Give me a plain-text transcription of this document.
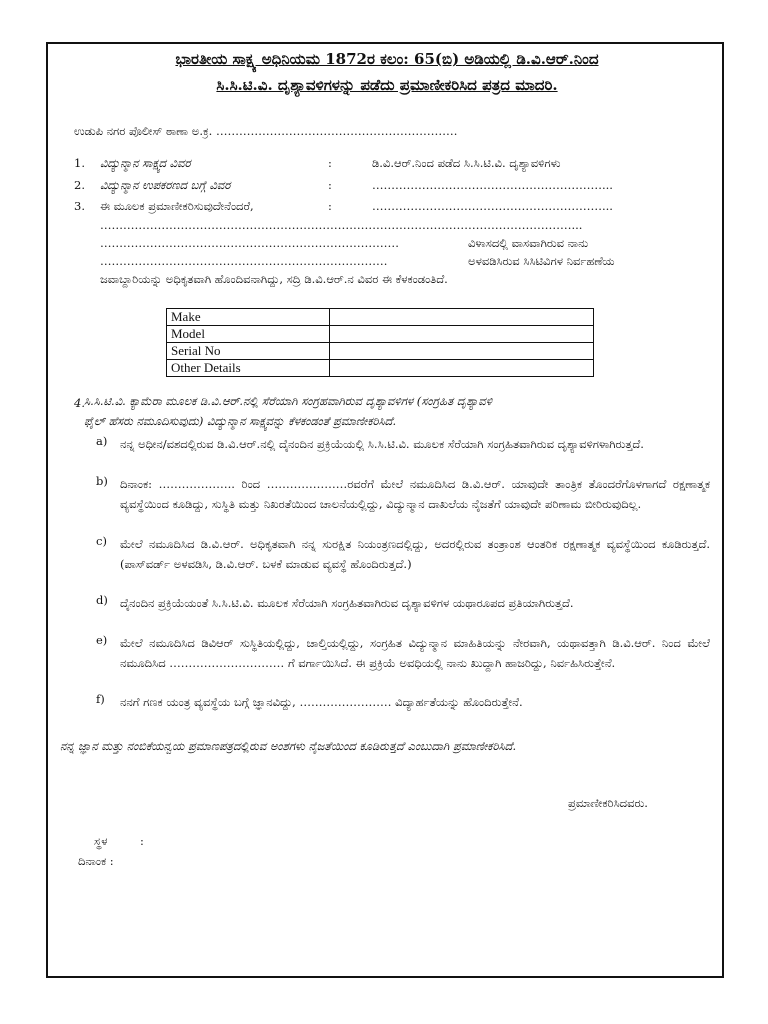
ಭಾರತೀಯ ಸಾಕ್ಷ್ಯ ಅಧಿನಿಯಮ 1872ರ ಕಲಂ: 65(ಬಿ) ಅಡಿಯಲ್ಲಿ ಡಿ.ವಿ.ಆರ್.ನಿಂದ
ಸಿ.ಸಿ.ಟಿ.ವಿ. ದೃಶ್ಯಾವಳಿಗಳನ್ನು ಪಡೆದು ಪ್ರಮಾಣೀಕರಿಸಿದ ಪತ್ರದ ಮಾದರಿ.
ಉಡುಪಿ ನಗರ ಪೊಲೀಸ್ ಠಾಣಾ ಅ.ಕ್ರ. ………………………………………………………
1. ವಿದ್ಯುನ್ಮಾನ ಸಾಕ್ಷ್ಯದ ವಿವರ	:	ಡಿ.ವಿ.ಆರ್.ನಿಂದ ಪಡೆದ ಸಿ.ಸಿ.ಟಿ.ವಿ. ದೃಶ್ಯಾವಳಿಗಳು
2. ವಿದ್ಯುನ್ಮಾನ ಉಪಕರಣದ ಬಗ್ಗೆ ವಿವರ	:	……………………………………………………...
3. ಈ ಮೂಲಕ ಪ್ರಮಾಣೀಕರಿಸುವುದೇನೆಂದರೆ,	:	……………………………………………………...
……………………………………………………………………………………………………………...
……………………………………………………………………	ವಿಳಾಸದಲ್ಲಿ ವಾಸವಾಗಿರುವ ನಾನು
…………………………………………………………………	ಅಳವಡಿಸಿರುವ ಸಿಸಿಟಿವಿಗಳ ನಿರ್ವಹಣೆಯ
ಜವಾಬ್ದಾರಿಯನ್ನು ಅಧಿಕೃತವಾಗಿ ಹೊಂದಿವನಾಗಿದ್ದು, ಸದ್ರಿ ಡಿ.ವಿ.ಆರ್.ನ ವಿವರ ಈ ಕೆಳಕಂಡಂತಿದೆ.
Make	
Model	
Serial No	
Other Details	
4. ಸಿ.ಸಿ.ಟಿ.ವಿ. ಕ್ಯಾಮೆರಾ ಮೂಲಕ ಡಿ.ವಿ.ಆರ್.ನಲ್ಲಿ ಸೆರೆಯಾಗಿ ಸಂಗ್ರಹವಾಗಿರುವ ದೃಶ್ಯಾವಳಿಗಳ (ಸಂಗ್ರಹಿತ ದೃಶ್ಯಾವಳಿ
ಫೈಲ್ ಹೆಸರು ನಮೂದಿಸುವುದು) ವಿದ್ಯುನ್ಮಾನ ಸಾಕ್ಷ್ಯವನ್ನು ಕೆಳಕಂಡಂತೆ ಪ್ರಮಾಣೀಕರಿಸಿದೆ.
a) ನನ್ನ ಅಧೀನ/ವಶದಲ್ಲಿರುವ ಡಿ.ವಿ.ಆರ್.ನಲ್ಲಿ ದೈನಂದಿನ ಪ್ರಕ್ರಿಯೆಯಲ್ಲಿ ಸಿ.ಸಿ.ಟಿ.ವಿ. ಮೂಲಕ ಸೆರೆಯಾಗಿ ಸಂಗ್ರಹಿತವಾಗಿರುವ ದೃಶ್ಯಾವಳಿಗಳಾಗಿರುತ್ತದೆ.
b) ದಿನಾಂಕ: ……………….. ರಿಂದ …………………ರವರೆಗೆ ಮೇಲೆ ನಮೂದಿಸಿದ ಡಿ.ವಿ.ಆರ್. ಯಾವುದೇ ತಾಂತ್ರಿಕ ತೊಂದರೆಗೊಳಗಾಗದೆ ರಕ್ಷಣಾತ್ಮಕ ವ್ಯವಸ್ಥೆಯಿಂದ ಕೂಡಿದ್ದು, ಸುಸ್ಥಿತಿ ಮತ್ತು ನಿಖರತೆಯಿಂದ ಚಾಲನೆಯಲ್ಲಿದ್ದು, ವಿದ್ಯುನ್ಮಾನ ದಾಖಲೆಯ ನೈಜತೆಗೆ ಯಾವುದೇ ಪರಿಣಾಮ ಬೀರಿರುವುದಿಲ್ಲ.
c) ಮೇಲೆ ನಮೂದಿಸಿದ ಡಿ.ವಿ.ಆರ್. ಅಧಿಕೃತವಾಗಿ ನನ್ನ ಸುರಕ್ಷಿತ ನಿಯಂತ್ರಣದಲ್ಲಿದ್ದು, ಅದರಲ್ಲಿರುವ ತಂತ್ರಾಂಶ ಆಂತರಿಕ ರಕ್ಷಣಾತ್ಮಕ ವ್ಯವಸ್ಥೆಯಿಂದ ಕೂಡಿರುತ್ತದೆ. (ಪಾಸ್‌ವರ್ಡ್ ಅಳವಡಿಸಿ, ಡಿ.ವಿ.ಆರ್. ಬಳಕೆ ಮಾಡುವ ವ್ಯವಸ್ಥೆ ಹೊಂದಿರುತ್ತದೆ.)
d) ದೈನಂದಿನ ಪ್ರಕ್ರಿಯೆಯಂತೆ ಸಿ.ಸಿ.ಟಿ.ವಿ. ಮೂಲಕ ಸೆರೆಯಾಗಿ ಸಂಗ್ರಹಿತವಾಗಿರುವ ದೃಶ್ಯಾವಳಿಗಳ ಯಥಾರೂಪದ ಪ್ರತಿಯಾಗಿರುತ್ತದೆ.
e) ಮೇಲೆ ನಮೂದಿಸಿದ ಡಿವಿಆರ್ ಸುಸ್ಥಿತಿಯಲ್ಲಿದ್ದು, ಚಾಲ್ತಿಯಲ್ಲಿದ್ದು, ಸಂಗ್ರಹಿತ ವಿದ್ಯುನ್ಮಾನ ಮಾಹಿತಿಯನ್ನು ನೇರವಾಗಿ, ಯಥಾವತ್ತಾಗಿ ಡಿ.ವಿ.ಆರ್. ನಿಂದ ಮೇಲೆ ನಮೂದಿಸಿದ ………………………… ಗೆ ವರ್ಗಾಯಿಸಿದೆ. ಈ ಪ್ರಕ್ರಿಯೆ ಅವಧಿಯಲ್ಲಿ ನಾನು ಖುದ್ದಾಗಿ ಹಾಜರಿದ್ದು, ನಿರ್ವಹಿಸಿರುತ್ತೇನೆ.
f) ನನಗೆ ಗಣಕ ಯಂತ್ರ ವ್ಯವಸ್ಥೆಯ ಬಗ್ಗೆ ಜ್ಞಾನವಿದ್ದು, …………………… ವಿದ್ಯಾರ್ಹತೆಯನ್ನು ಹೊಂದಿರುತ್ತೇನೆ.
ನನ್ನ ಜ್ಞಾನ ಮತ್ತು ನಂಬಿಕೆಯನ್ವಯ ಪ್ರಮಾಣಪತ್ರದಲ್ಲಿರುವ ಅಂಶಗಳು ನೈಜತೆಯಿಂದ ಕೂಡಿರುತ್ತದೆ ಎಂಬುದಾಗಿ ಪ್ರಮಾಣೀಕರಿಸಿದೆ.
ಪ್ರಮಾಣೀಕರಿಸಿದವರು.
ಸ್ಥಳ	:
ದಿನಾಂಕ :
